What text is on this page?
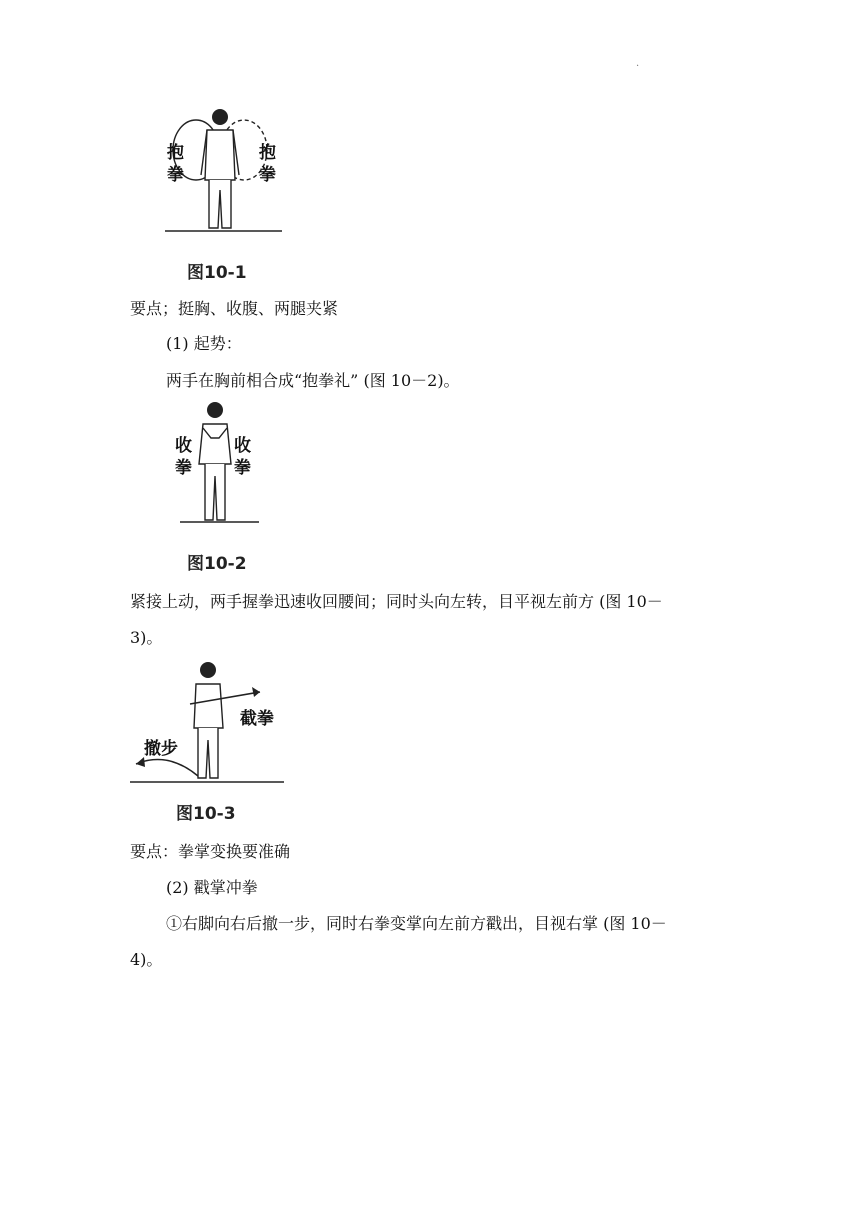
.
抱
拳
抱
拳
图10-1
要点；挺胸、收腹、两腿夹紧
(1) 起势：
两手在胸前相合成“抱拳礼” (图 10－2)。
收
拳
收
拳
图10-2
紧接上动，两手握拳迅速收回腰间；同时头向左转，目平视左前方 (图 10－
3)。
截拳
撤步
图10-3
要点：拳掌变换要准确
(2) 戳掌冲拳
①右脚向右后撤一步，同时右拳变掌向左前方戳出，目视右掌 (图 10－
4)。
